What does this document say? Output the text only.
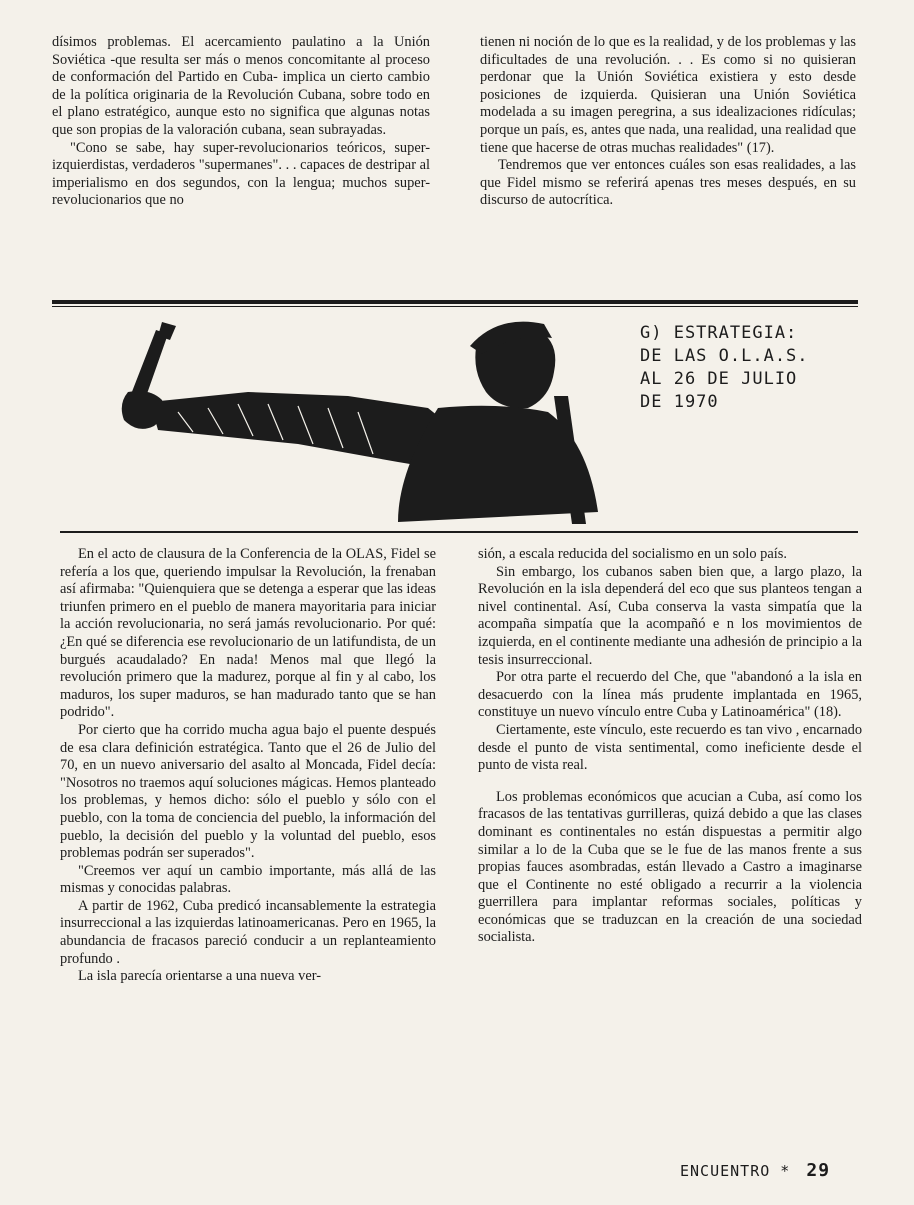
dísimos problemas. El acercamiento paulatino a la Unión Soviética -que resulta ser más o menos concomitante al proceso de conformación del Partido en Cuba- implica un cierto cambio de la política originaria de la Revolución Cubana, sobre todo en el plano estratégico, aunque esto no significa que algunas notas que son propias de la valoración cubana, sean subrayadas.

"Cono se sabe, hay super-revolucionarios teóricos, super-izquierdistas, verdaderos "supermanes". . . capaces de destripar al imperialismo en dos segundos, con la lengua; muchos super-revolucionarios que no

tienen ni noción de lo que es la realidad, y de los problemas y las dificultades de una revolución. . . Es como si no quisieran perdonar que la Unión Soviética existiera y esto desde posiciones de izquierda. Quisieran una Unión Soviética modelada a su imagen peregrina, a sus idealizaciones ridículas; porque un país, es, antes que nada, una realidad, una realidad que tiene que hacerse de otras muchas realidades" (17).

Tendremos que ver entonces cuáles son esas realidades, a las que Fidel mismo se referirá apenas tres meses después, en su discurso de autocrítica.

G) ESTRATEGIA:
DE LAS O.L.A.S.
AL 26 DE JULIO
DE 1970

En el acto de clausura de la Conferencia de la OLAS, Fidel se refería a los que, queriendo impulsar la Revolución, la frenaban así afirmaba: "Quienquiera que se detenga a esperar que las ideas triunfen primero en el pueblo de manera mayoritaria para iniciar la acción revolucionaria, no será jamás revolucionario. Por qué: ¿En qué se diferencia ese revolucionario de un latifundista, de un burgués acaudalado? En nada! Menos mal que llegó la revolución primero que la madurez, porque al fin y al cabo, los maduros, los super maduros, se han madurado tanto que se han podrido".

Por cierto que ha corrido mucha agua bajo el puente después de esa clara definición estratégica. Tanto que el 26 de Julio del 70, en un nuevo aniversario del asalto al Moncada, Fidel decía: "Nosotros no traemos aquí soluciones mágicas. Hemos planteado los problemas, y hemos dicho: sólo el pueblo y sólo con el pueblo, con la toma de conciencia del pueblo, la información del pueblo, la decisión del pueblo y la voluntad del pueblo, esos problemas podrán ser superados".

"Creemos ver aquí un cambio importante, más allá de las mismas y conocidas palabras.

A partir de 1962, Cuba predicó incansablemente la estrategia insurreccional a las izquierdas latinoamericanas. Pero en 1965, la abundancia de fracasos pareció conducir a un replanteamiento profundo .

La isla parecía orientarse a una nueva ver-

sión, a escala reducida del socialismo en un solo país.

Sin embargo, los cubanos saben bien que, a largo plazo, la Revolución en la isla dependerá del eco que sus planteos tengan a nivel continental. Así, Cuba conserva la vasta simpatía que la acompaña simpatía que la acompañó e n los movimientos de izquierda, en el continente mediante una adhesión de principio a la tesis insurreccional.

Por otra parte el recuerdo del Che, que "abandonó a la isla en desacuerdo con la línea más prudente implantada en 1965, constituye un nuevo vínculo entre Cuba y Latinoamérica" (18).

Ciertamente, este vínculo, este recuerdo es tan vivo , encarnado desde el punto de vista sentimental, como ineficiente desde el punto de vista real.

Los problemas económicos que acucian a Cuba, así como los fracasos de las tentativas gurrilleras, quizá debido a que las clases dominant es continentales no están dispuestas a permitir algo similar a lo de la Cuba que se le fue de las manos frente a sus propias fauces asombradas, están llevado a Castro a imaginarse que el Continente no esté obligado a recurrir a la violencia guerrillera para implantar reformas sociales, políticas y económicas que se traduzcan en la creación de una sociedad socialista.

ENCUENTRO * 29
